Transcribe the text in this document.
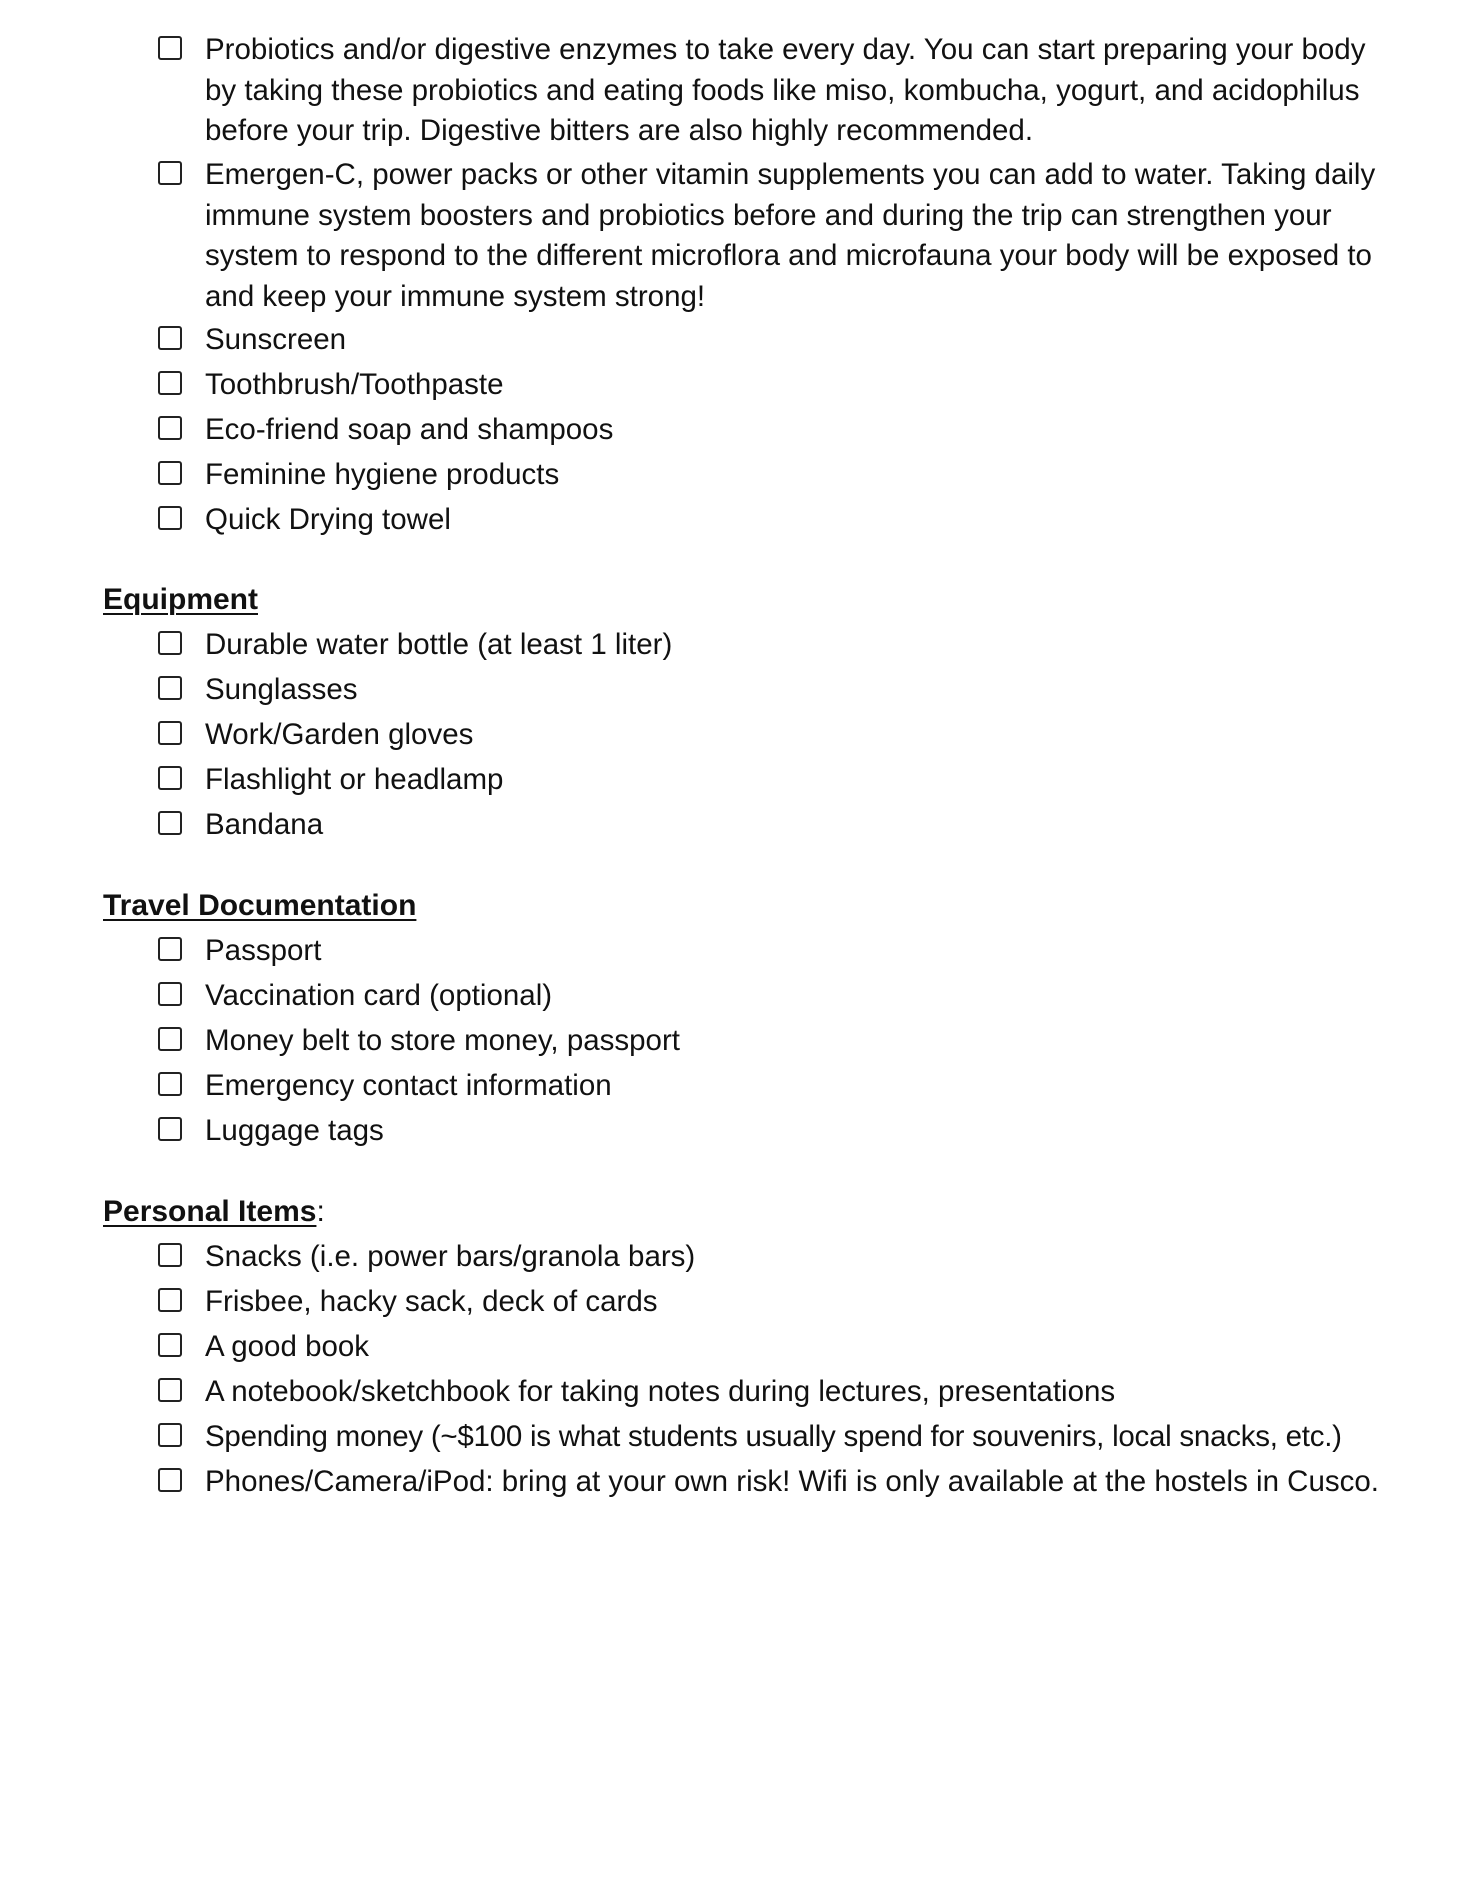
Probiotics and/or digestive enzymes to take every day. You can start preparing your body by taking these probiotics and eating foods like miso, kombucha, yogurt, and acidophilus before your trip. Digestive bitters are also highly recommended.
Emergen-C, power packs or other vitamin supplements you can add to water. Taking daily immune system boosters and probiotics before and during the trip can strengthen your system to respond to the different microflora and microfauna your body will be exposed to and keep your immune system strong!
Sunscreen
Toothbrush/Toothpaste
Eco-friend soap and shampoos
Feminine hygiene products
Quick Drying towel
Equipment
Durable water bottle (at least 1 liter)
Sunglasses
Work/Garden gloves
Flashlight or headlamp
Bandana
Travel Documentation
Passport
Vaccination card (optional)
Money belt to store money, passport
Emergency contact information
Luggage tags
Personal Items:
Snacks (i.e. power bars/granola bars)
Frisbee, hacky sack, deck of cards
A good book
A notebook/sketchbook for taking notes during lectures, presentations
Spending money (~$100 is what students usually spend for souvenirs, local snacks, etc.)
Phones/Camera/iPod: bring at your own risk! Wifi is only available at the hostels in Cusco.
